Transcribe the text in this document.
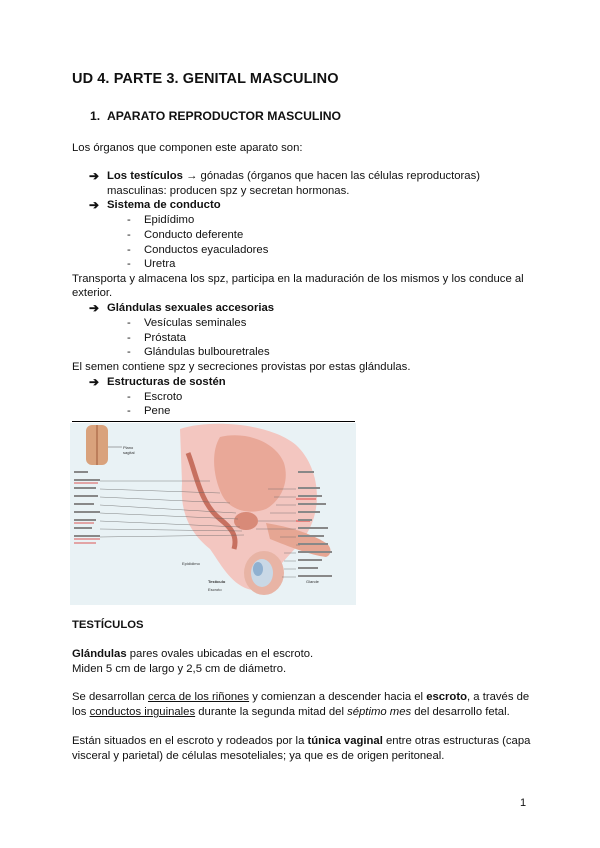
UD 4. PARTE 3. GENITAL MASCULINO
1. APARATO REPRODUCTOR MASCULINO
Los órganos que componen este aparato son:
➔ Los testículos → gónadas (órganos que hacen las células reproductoras)
masculinas: producen spz y secretan hormonas.
➔ Sistema de conducto
- Epidídimo
- Conducto deferente
- Conductos eyaculadores
- Uretra
Transporta y almacena los spz, participa en la maduración de los mismos y los conduce al
exterior.
➔ Glándulas sexuales accesorias
- Vesículas seminales
- Próstata
- Glándulas bulbouretrales
El semen contiene spz y secreciones provistas por estas glándulas.
➔ Estructuras de sostén
- Escroto
- Pene
Plano
sagital
Testículo	Glande
Escroto
Epidídimo
TESTÍCULOS
Glándulas pares ovales ubicadas en el escroto.
Miden 5 cm de largo y 2,5 cm de diámetro.
Se desarrollan cerca de los riñones y comienzan a descender hacia el escroto, a través de
los conductos inguinales durante la segunda mitad del séptimo mes del desarrollo fetal.
Están situados en el escroto y rodeados por la túnica vaginal entre otras estructuras (capa
visceral y parietal) de células mesoteliales; ya que es de origen peritoneal.
1
